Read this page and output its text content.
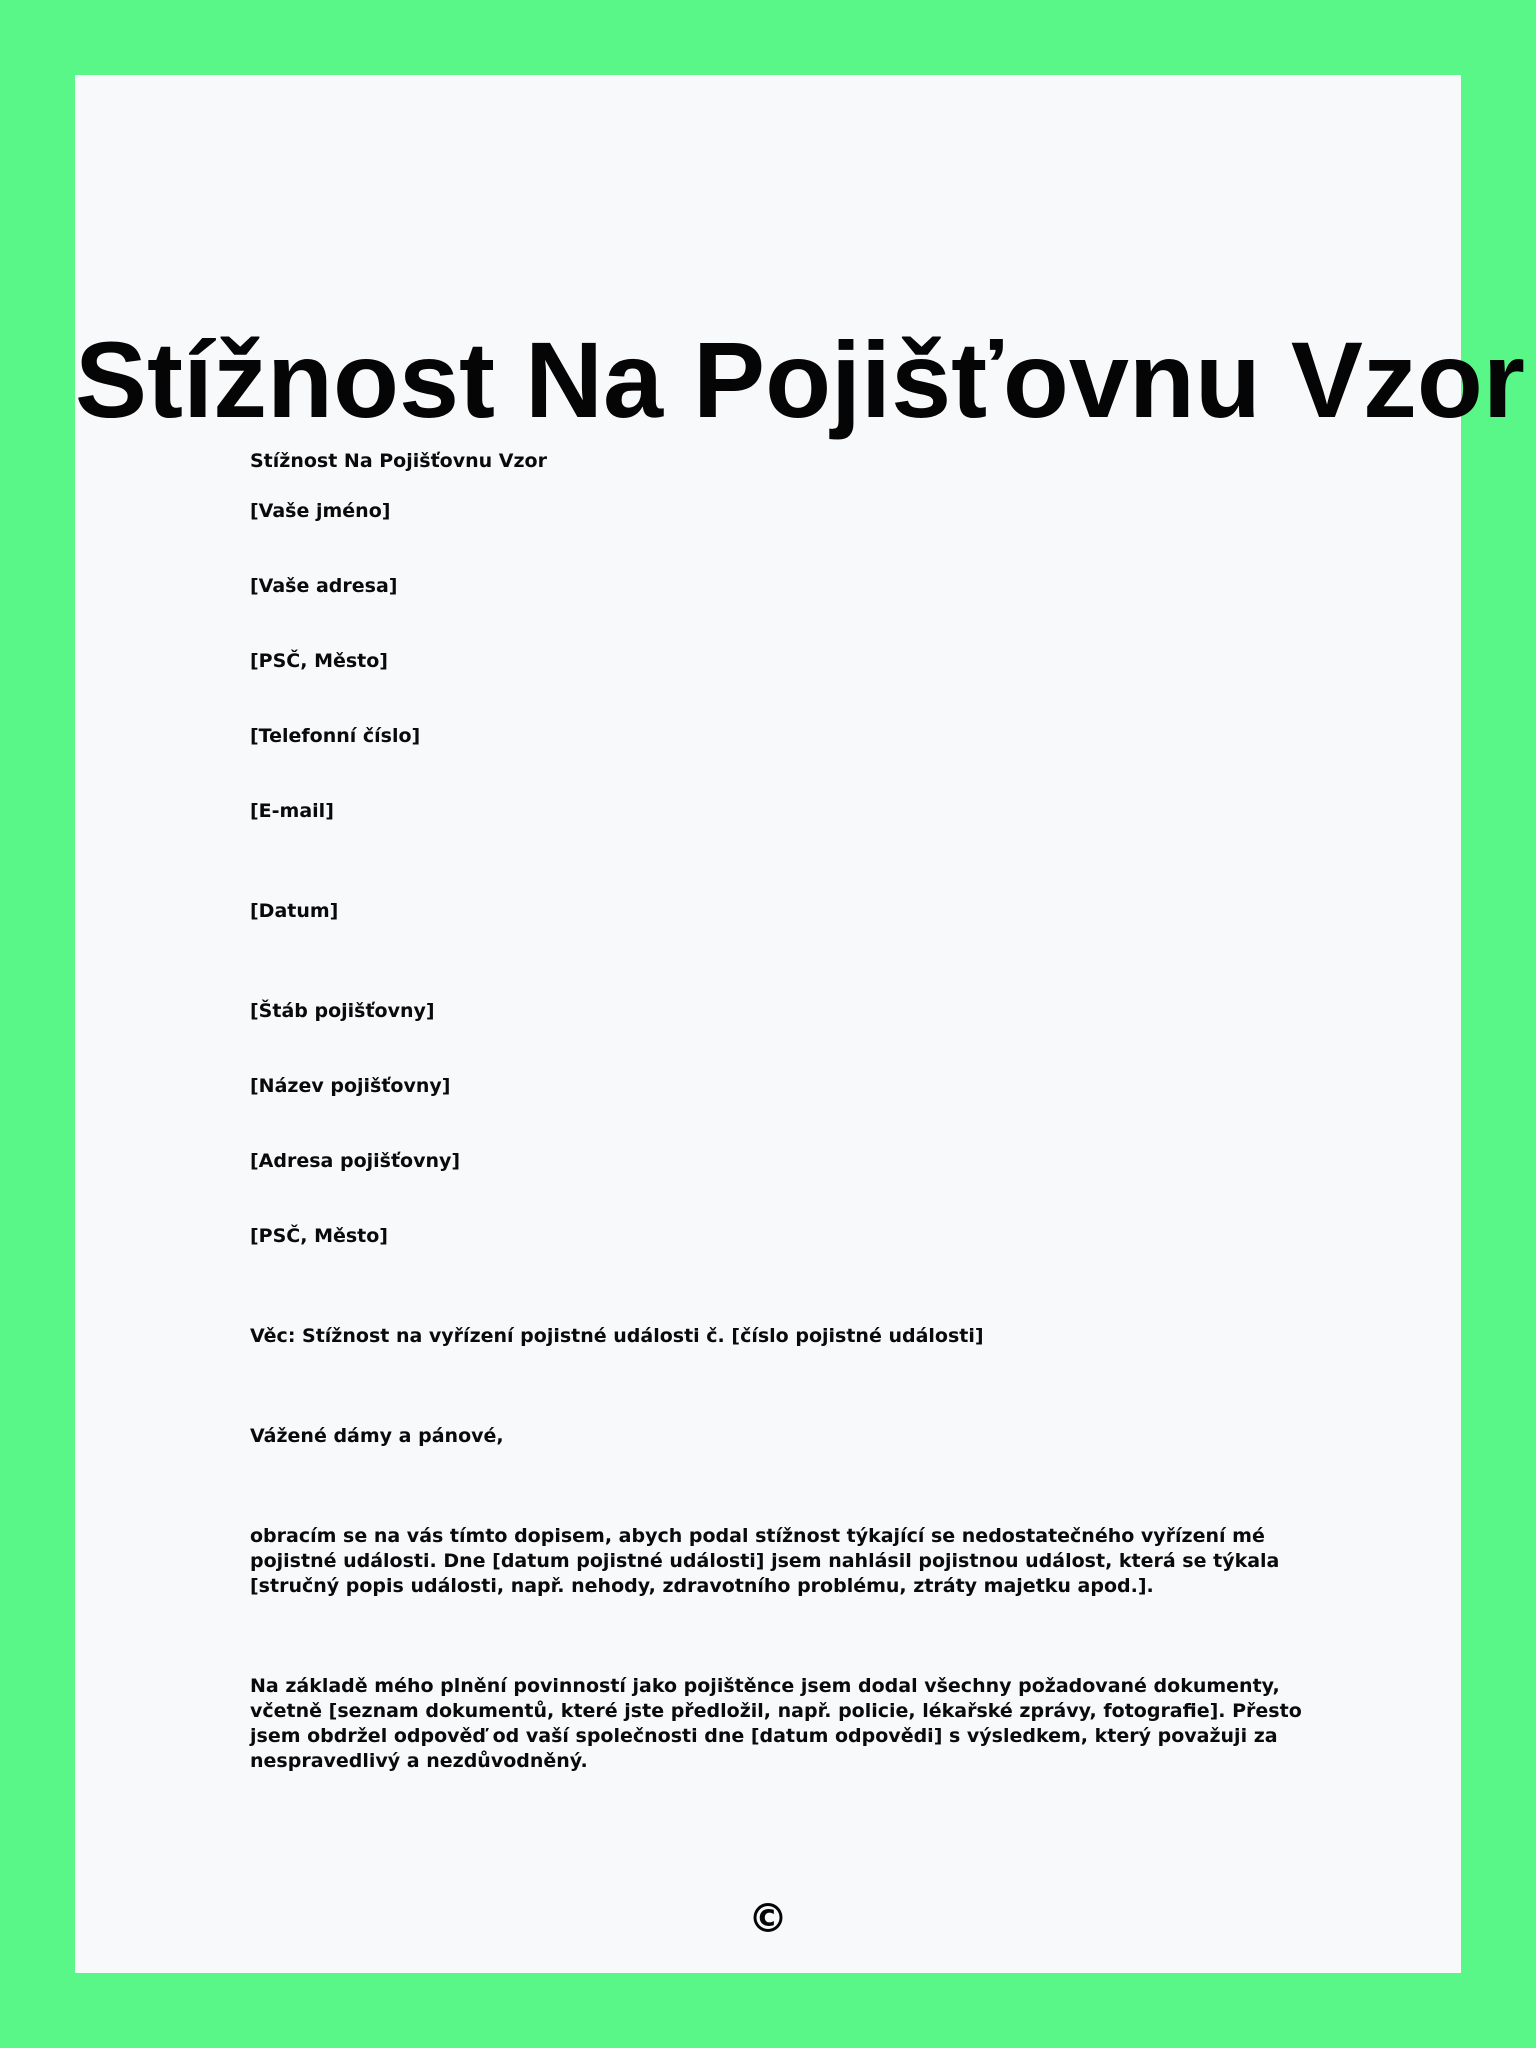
Stížnost Na Pojišťovnu Vzor

Stížnost Na Pojišťovnu Vzor

[Vaše jméno]

[Vaše adresa]

[PSČ, Město]

[Telefonní číslo]

[E-mail]

[Datum]

[Štáb pojišťovny]

[Název pojišťovny]

[Adresa pojišťovny]

[PSČ, Město]

Věc: Stížnost na vyřízení pojistné události č. [číslo pojistné události]

Vážené dámy a pánové,

obracím se na vás tímto dopisem, abych podal stížnost týkající se nedostatečného vyřízení mé pojistné události. Dne [datum pojistné události] jsem nahlásil pojistnou událost, která se týkala [stručný popis události, např. nehody, zdravotního problému, ztráty majetku apod.].

Na základě mého plnění povinností jako pojištěnce jsem dodal všechny požadované dokumenty, včetně [seznam dokumentů, které jste předložil, např. policie, lékařské zprávy, fotografie]. Přesto jsem obdržel odpověď od vaší společnosti dne [datum odpovědi] s výsledkem, který považuji za nespravedlivý a nezdůvodněný.

©
